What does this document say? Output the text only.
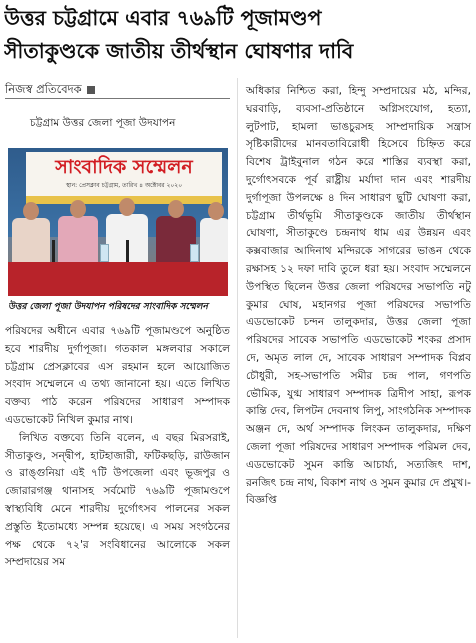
উত্তর চট্টগ্রামে এবার ৭৬৯টি পূজামণ্ডপ
সীতাকুণ্ডকে জাতীয় তীর্থস্থান ঘোষণার দাবি
নিজস্ব প্রতিবেদক

চট্টগ্রাম উত্তর জেলা পূজা উদযাপন

সাংবাদিক সম্মেলন
স্থান: প্রেসক্লাব চট্টগ্রাম, তারিখ ৪ অক্টোবর ২০২০
উত্তর জেলা পূজা উদযাপন পরিষদের সাংবাদিক সম্মেলন

পরিষদের অধীনে এবার ৭৬৯টি পূজামণ্ডপে অনুষ্ঠিত হবে শারদীয় দুর্গাপূজা। গতকাল মঙ্গলবার সকালে চট্টগ্রাম প্রেসক্লাবের এস রহমান হলে আয়োজিত সংবাদ সম্মেলনে এ তথ্য জানানো হয়। এতে লিখিত বক্তব্য পাঠ করেন পরিষদের সাধারণ সম্পাদক এডভোকেট নিখিল কুমার নাথ।

লিখিত বক্তব্যে তিনি বলেন, এ বছর মিরসরাই, সীতাকুণ্ড, সন্দ্বীপ, হাটহাজারী, ফটিকছড়ি, রাউজান ও রাঙ্গুনিয়া এই ৭টি উপজেলা এবং ভূজপুর ও জোরারগঞ্জ থানাসহ সর্বমোট ৭৬৯টি পূজামণ্ডপে স্বাস্থ্যবিধি মেনে শারদীয় দুর্গোৎসব পালনের সকল প্রস্তুতি ইতোমধ্যে সম্পন্ন হয়েছে। এ সময় সংগঠনের পক্ষ থেকে ৭২'র সংবিধানের আলোকে সকল সম্প্রদায়ের সম

অধিকার নিশ্চিত করা, হিন্দু সম্প্রদায়ের মঠ, মন্দির, ঘরবাড়ি, ব্যবসা-প্রতিষ্ঠানে অগ্নিসংযোগ, হত্যা, লুটপাট, হামলা ভাঙচুরসহ সাম্প্রদায়িক সন্ত্রাস সৃষ্টিকারীদের মানবতাবিরোধী হিসেবে চিহ্নিত করে বিশেষ ট্রাইবুনাল গঠন করে শাস্তির ব্যবস্থা করা, দুর্গোৎসবকে পূর্ব রাষ্ট্রীয় মর্যাদা দান এবং শারদীয় দুর্গাপূজা উপলক্ষে ৪ দিন সাধারণ ছুটি ঘোষণা করা, চট্টগ্রাম তীর্থভূমি সীতাকুণ্ডকে জাতীয় তীর্থস্থান ঘোষণা, সীতাকুণ্ডে চন্দ্রনাথ ধাম এর উন্নয়ন এবং কক্সবাজার আদিনাথ মন্দিরকে সাগরের ভাঙন থেকে রক্ষাসহ ১২ দফা দাবি তুলে ধরা হয়। সংবাদ সম্মেলনে উপস্থিত ছিলেন উত্তর জেলা পরিষদের সভাপতি নটু কুমার ঘোষ, মহানগর পূজা পরিষদের সভাপতি এডভোকেট চন্দন তালুকদার, উত্তর জেলা পূজা পরিষদের সাবেক সভাপতি এডভোকেট শংকর প্রসাদ দে, অমৃত লাল দে, সাবেক সাধারণ সম্পাদক বিপ্লব চৌধুরী, সহ-সভাপতি সমীর চন্দ্র পাল, গণপতি ভৌমিক, যুগ্ম সাধারণ সম্পাদক ত্রিদীপ সাহা, রূপক কান্তি দেব, লিপটন দেবনাথ লিপু, সাংগঠনিক সম্পাদক অঞ্জন দে, অর্থ সম্পাদক লিংকন তালুকদার, দক্ষিণ জেলা পূজা পরিষদের সাধারণ সম্পাদক পরিমল দেব, এডভোকেট সুমন কান্তি আচার্য্য, সত্যজিৎ দাশ, রনজিৎ চন্দ্র নাথ, বিকাশ নাথ ও সুমন কুমার দে প্রমুখ।-বিজ্ঞপ্তি
